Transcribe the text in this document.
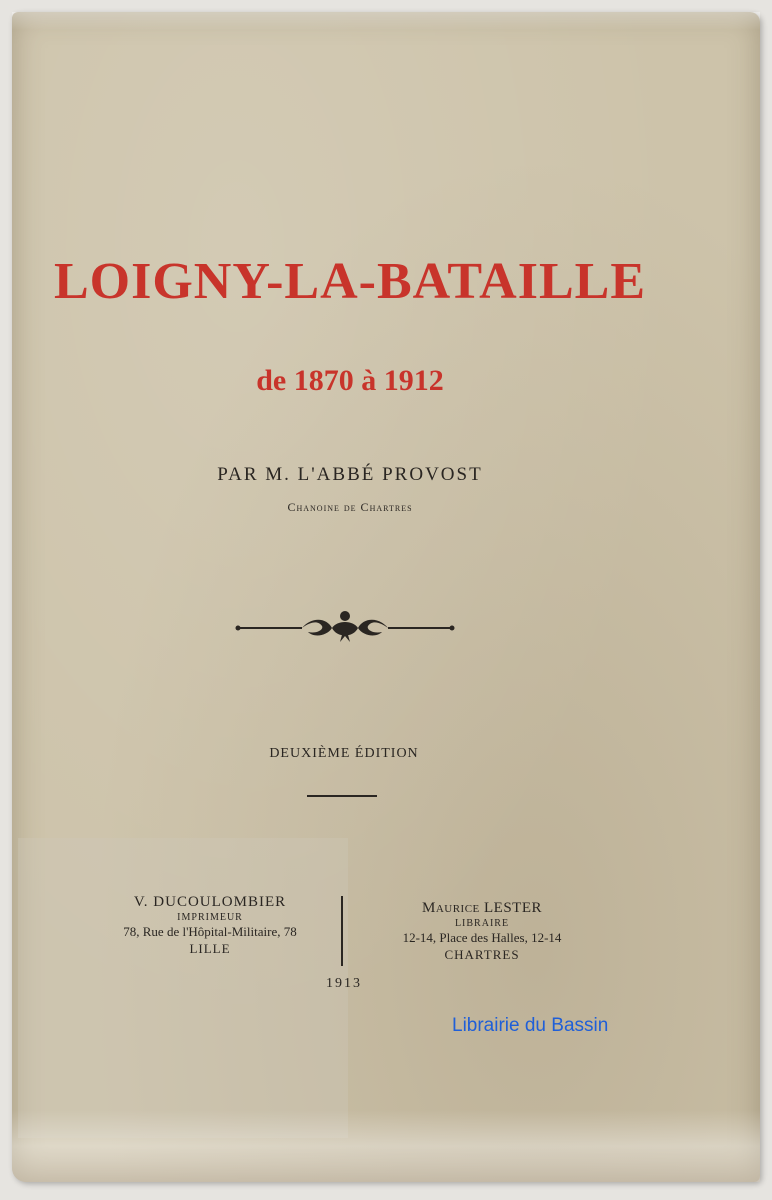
LOIGNY-LA-BATAILLE
de 1870 à 1912
PAR M. L'ABBÉ PROVOST
Chanoine de Chartres
DEUXIÈME ÉDITION
V. DUCOULOMBIER
IMPRIMEUR
78, Rue de l'Hôpital-Militaire, 78
LILLE
Maurice LESTER
LIBRAIRE
12-14, Place des Halles, 12-14
CHARTRES
1913
Librairie du Bassin
